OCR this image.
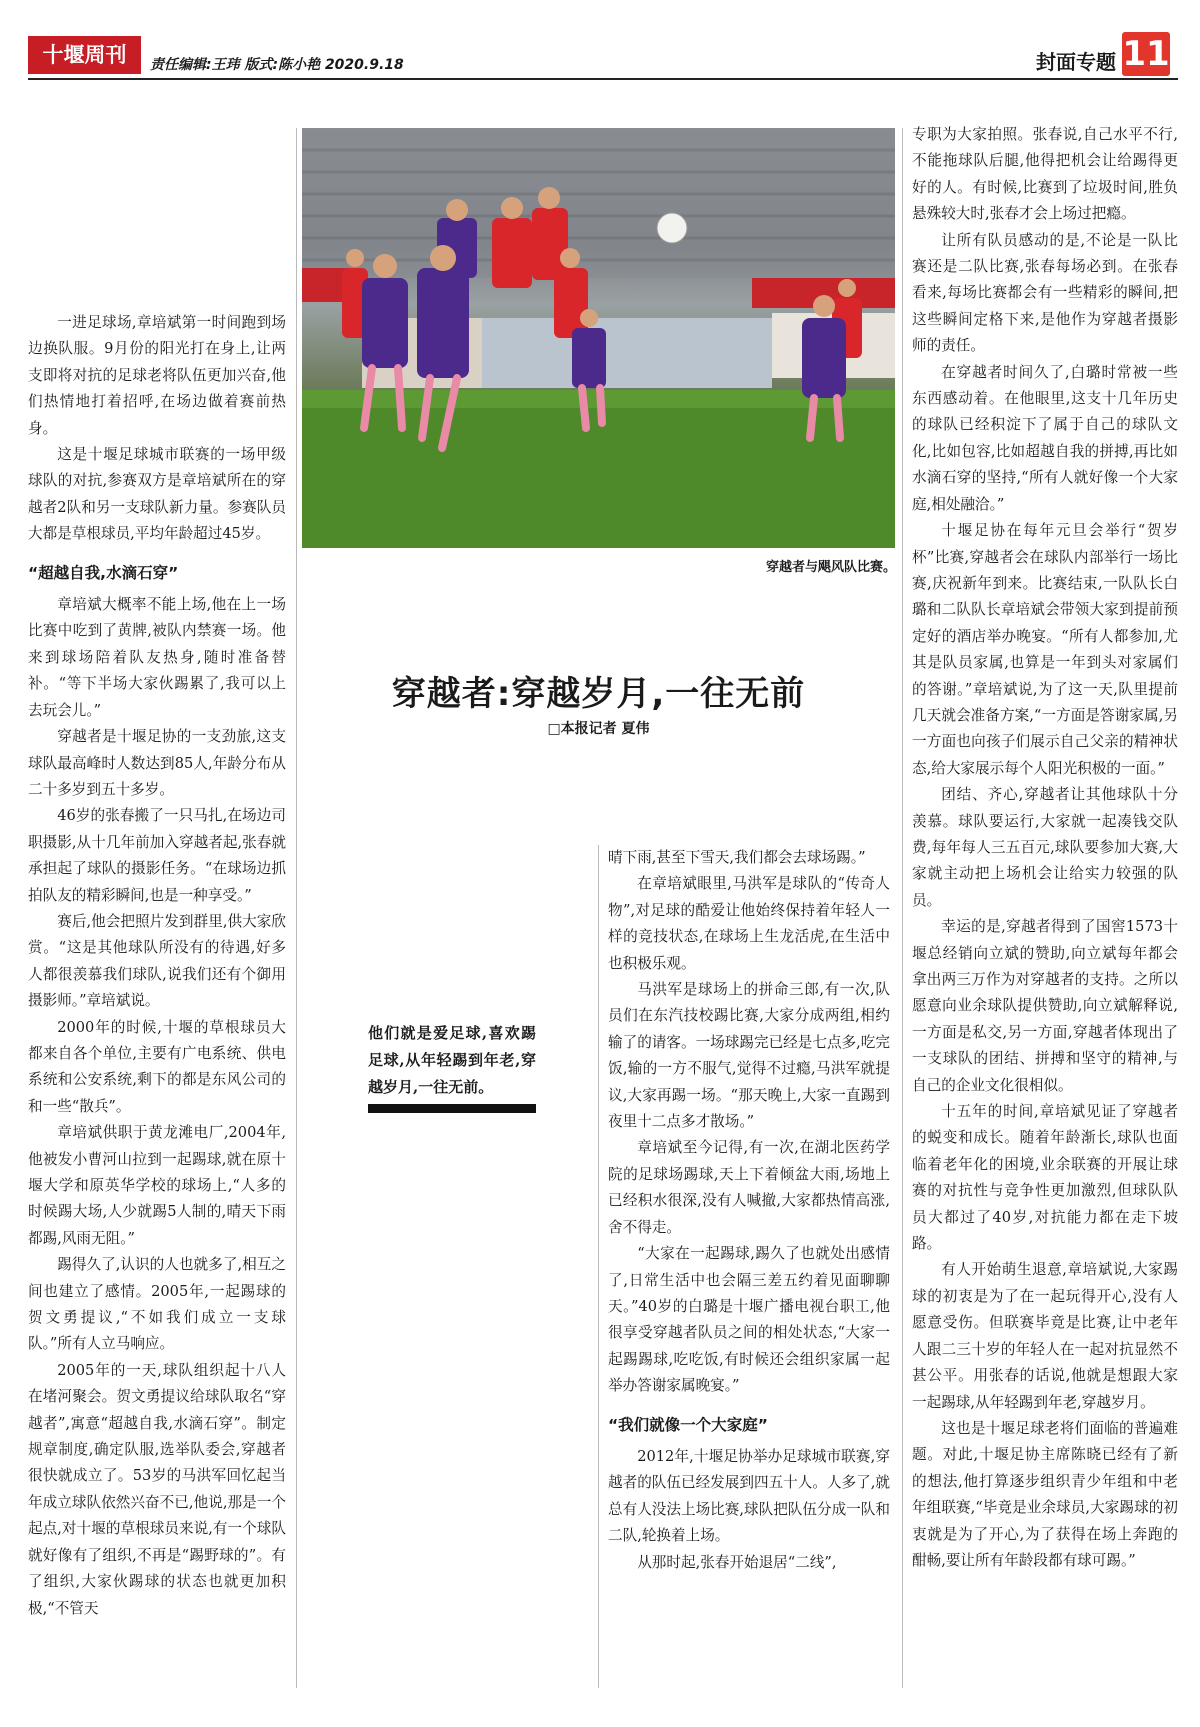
十堰周刊	责任编辑:王玮 版式:陈小艳 2020.9.18	封面专题 11
穿越者与飓风队比赛。
穿越者:穿越岁月,一往无前
□本报记者 夏伟
他们就是爱足球,喜欢踢足球,从年轻踢到年老,穿越岁月,一往无前。

一进足球场,章培斌第一时间跑到场边换队服。9月份的阳光打在身上,让两支即将对抗的足球老将队伍更加兴奋,他们热情地打着招呼,在场边做着赛前热身。

这是十堰足球城市联赛的一场甲级球队的对抗,参赛双方是章培斌所在的穿越者2队和另一支球队新力量。参赛队员大都是草根球员,平均年龄超过45岁。

“超越自我,水滴石穿”

章培斌大概率不能上场,他在上一场比赛中吃到了黄牌,被队内禁赛一场。他来到球场陪着队友热身,随时准备替补。“等下半场大家伙踢累了,我可以上去玩会儿。”

穿越者是十堰足协的一支劲旅,这支球队最高峰时人数达到85人,年龄分布从二十多岁到五十多岁。

46岁的张春搬了一只马扎,在场边司职摄影,从十几年前加入穿越者起,张春就承担起了球队的摄影任务。“在球场边抓拍队友的精彩瞬间,也是一种享受。”

赛后,他会把照片发到群里,供大家欣赏。“这是其他球队所没有的待遇,好多人都很羡慕我们球队,说我们还有个御用摄影师。”章培斌说。

2000年的时候,十堰的草根球员大都来自各个单位,主要有广电系统、供电系统和公安系统,剩下的都是东风公司的和一些“散兵”。

章培斌供职于黄龙滩电厂,2004年,他被发小曹河山拉到一起踢球,就在原十堰大学和原英华学校的球场上,“人多的时候踢大场,人少就踢5人制的,晴天下雨都踢,风雨无阻。”

踢得久了,认识的人也就多了,相互之间也建立了感情。2005年,一起踢球的贺文勇提议,“不如我们成立一支球队。”所有人立马响应。

2005年的一天,球队组织起十八人在堵河聚会。贺文勇提议给球队取名“穿越者”,寓意“超越自我,水滴石穿”。制定规章制度,确定队服,选举队委会,穿越者很快就成立了。53岁的马洪军回忆起当年成立球队依然兴奋不已,他说,那是一个起点,对十堰的草根球员来说,有一个球队就好像有了组织,不再是“踢野球的”。有了组织,大家伙踢球的状态也就更加积极,“不管天

晴下雨,甚至下雪天,我们都会去球场踢。”

在章培斌眼里,马洪军是球队的“传奇人物”,对足球的酷爱让他始终保持着年轻人一样的竞技状态,在球场上生龙活虎,在生活中也积极乐观。

马洪军是球场上的拼命三郎,有一次,队员们在东汽技校踢比赛,大家分成两组,相约输了的请客。一场球踢完已经是七点多,吃完饭,输的一方不服气,觉得不过瘾,马洪军就提议,大家再踢一场。“那天晚上,大家一直踢到夜里十二点多才散场。”

章培斌至今记得,有一次,在湖北医药学院的足球场踢球,天上下着倾盆大雨,场地上已经积水很深,没有人喊撤,大家都热情高涨,舍不得走。

“大家在一起踢球,踢久了也就处出感情了,日常生活中也会隔三差五约着见面聊聊天。”40岁的白璐是十堰广播电视台职工,他很享受穿越者队员之间的相处状态,“大家一起踢踢球,吃吃饭,有时候还会组织家属一起举办答谢家属晚宴。”

“我们就像一个大家庭”

2012年,十堰足协举办足球城市联赛,穿越者的队伍已经发展到四五十人。人多了,就总有人没法上场比赛,球队把队伍分成一队和二队,轮换着上场。

从那时起,张春开始退居“二线”,

专职为大家拍照。张春说,自己水平不行,不能拖球队后腿,他得把机会让给踢得更好的人。有时候,比赛到了垃圾时间,胜负悬殊较大时,张春才会上场过把瘾。

让所有队员感动的是,不论是一队比赛还是二队比赛,张春每场必到。在张春看来,每场比赛都会有一些精彩的瞬间,把这些瞬间定格下来,是他作为穿越者摄影师的责任。

在穿越者时间久了,白璐时常被一些东西感动着。在他眼里,这支十几年历史的球队已经积淀下了属于自己的球队文化,比如包容,比如超越自我的拼搏,再比如水滴石穿的坚持,“所有人就好像一个大家庭,相处融洽。”

十堰足协在每年元旦会举行“贺岁杯”比赛,穿越者会在球队内部举行一场比赛,庆祝新年到来。比赛结束,一队队长白璐和二队队长章培斌会带领大家到提前预定好的酒店举办晚宴。“所有人都参加,尤其是队员家属,也算是一年到头对家属们的答谢。”章培斌说,为了这一天,队里提前几天就会准备方案,“一方面是答谢家属,另一方面也向孩子们展示自己父亲的精神状态,给大家展示每个人阳光积极的一面。”

团结、齐心,穿越者让其他球队十分羡慕。球队要运行,大家就一起凑钱交队费,每年每人三五百元,球队要参加大赛,大家就主动把上场机会让给实力较强的队员。

幸运的是,穿越者得到了国窖1573十堰总经销向立斌的赞助,向立斌每年都会拿出两三万作为对穿越者的支持。之所以愿意向业余球队提供赞助,向立斌解释说,一方面是私交,另一方面,穿越者体现出了一支球队的团结、拼搏和坚守的精神,与自己的企业文化很相似。

十五年的时间,章培斌见证了穿越者的蜕变和成长。随着年龄渐长,球队也面临着老年化的困境,业余联赛的开展让球赛的对抗性与竞争性更加激烈,但球队队员大都过了40岁,对抗能力都在走下坡路。

有人开始萌生退意,章培斌说,大家踢球的初衷是为了在一起玩得开心,没有人愿意受伤。但联赛毕竟是比赛,让中老年人跟二三十岁的年轻人在一起对抗显然不甚公平。用张春的话说,他就是想跟大家一起踢球,从年轻踢到年老,穿越岁月。

这也是十堰足球老将们面临的普遍难题。对此,十堰足协主席陈晓已经有了新的想法,他打算逐步组织青少年组和中老年组联赛,“毕竟是业余球员,大家踢球的初衷就是为了开心,为了获得在场上奔跑的酣畅,要让所有年龄段都有球可踢。”
